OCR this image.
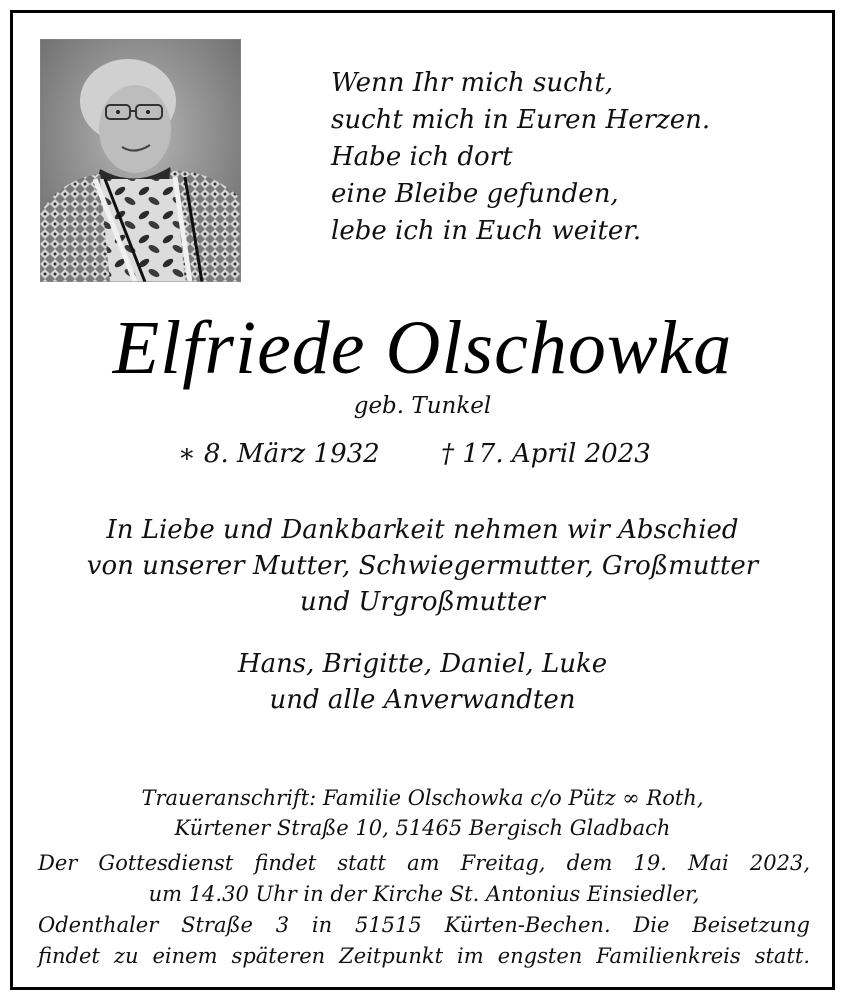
Wenn Ihr mich sucht,
sucht mich in Euren Herzen.
Habe ich dort
eine Bleibe gefunden,
lebe ich in Euch weiter.
Elfriede Olschowka
geb. Tunkel
∗ 8. März 1932 † 17. April 2023
In Liebe und Dankbarkeit nehmen wir Abschied
von unserer Mutter, Schwiegermutter, Großmutter
und Urgroßmutter
Hans, Brigitte, Daniel, Luke
und alle Anverwandten
Traueranschrift: Familie Olschowka c/o Pütz ∞ Roth,
Kürtener Straße 10, 51465 Bergisch Gladbach
Der Gottesdienst findet statt am Freitag, dem 19. Mai 2023,
um 14.30 Uhr in der Kirche St. Antonius Einsiedler,
Odenthaler Straße 3 in 51515 Kürten-Bechen. Die Beisetzung
findet zu einem späteren Zeitpunkt im engsten Familienkreis statt.
